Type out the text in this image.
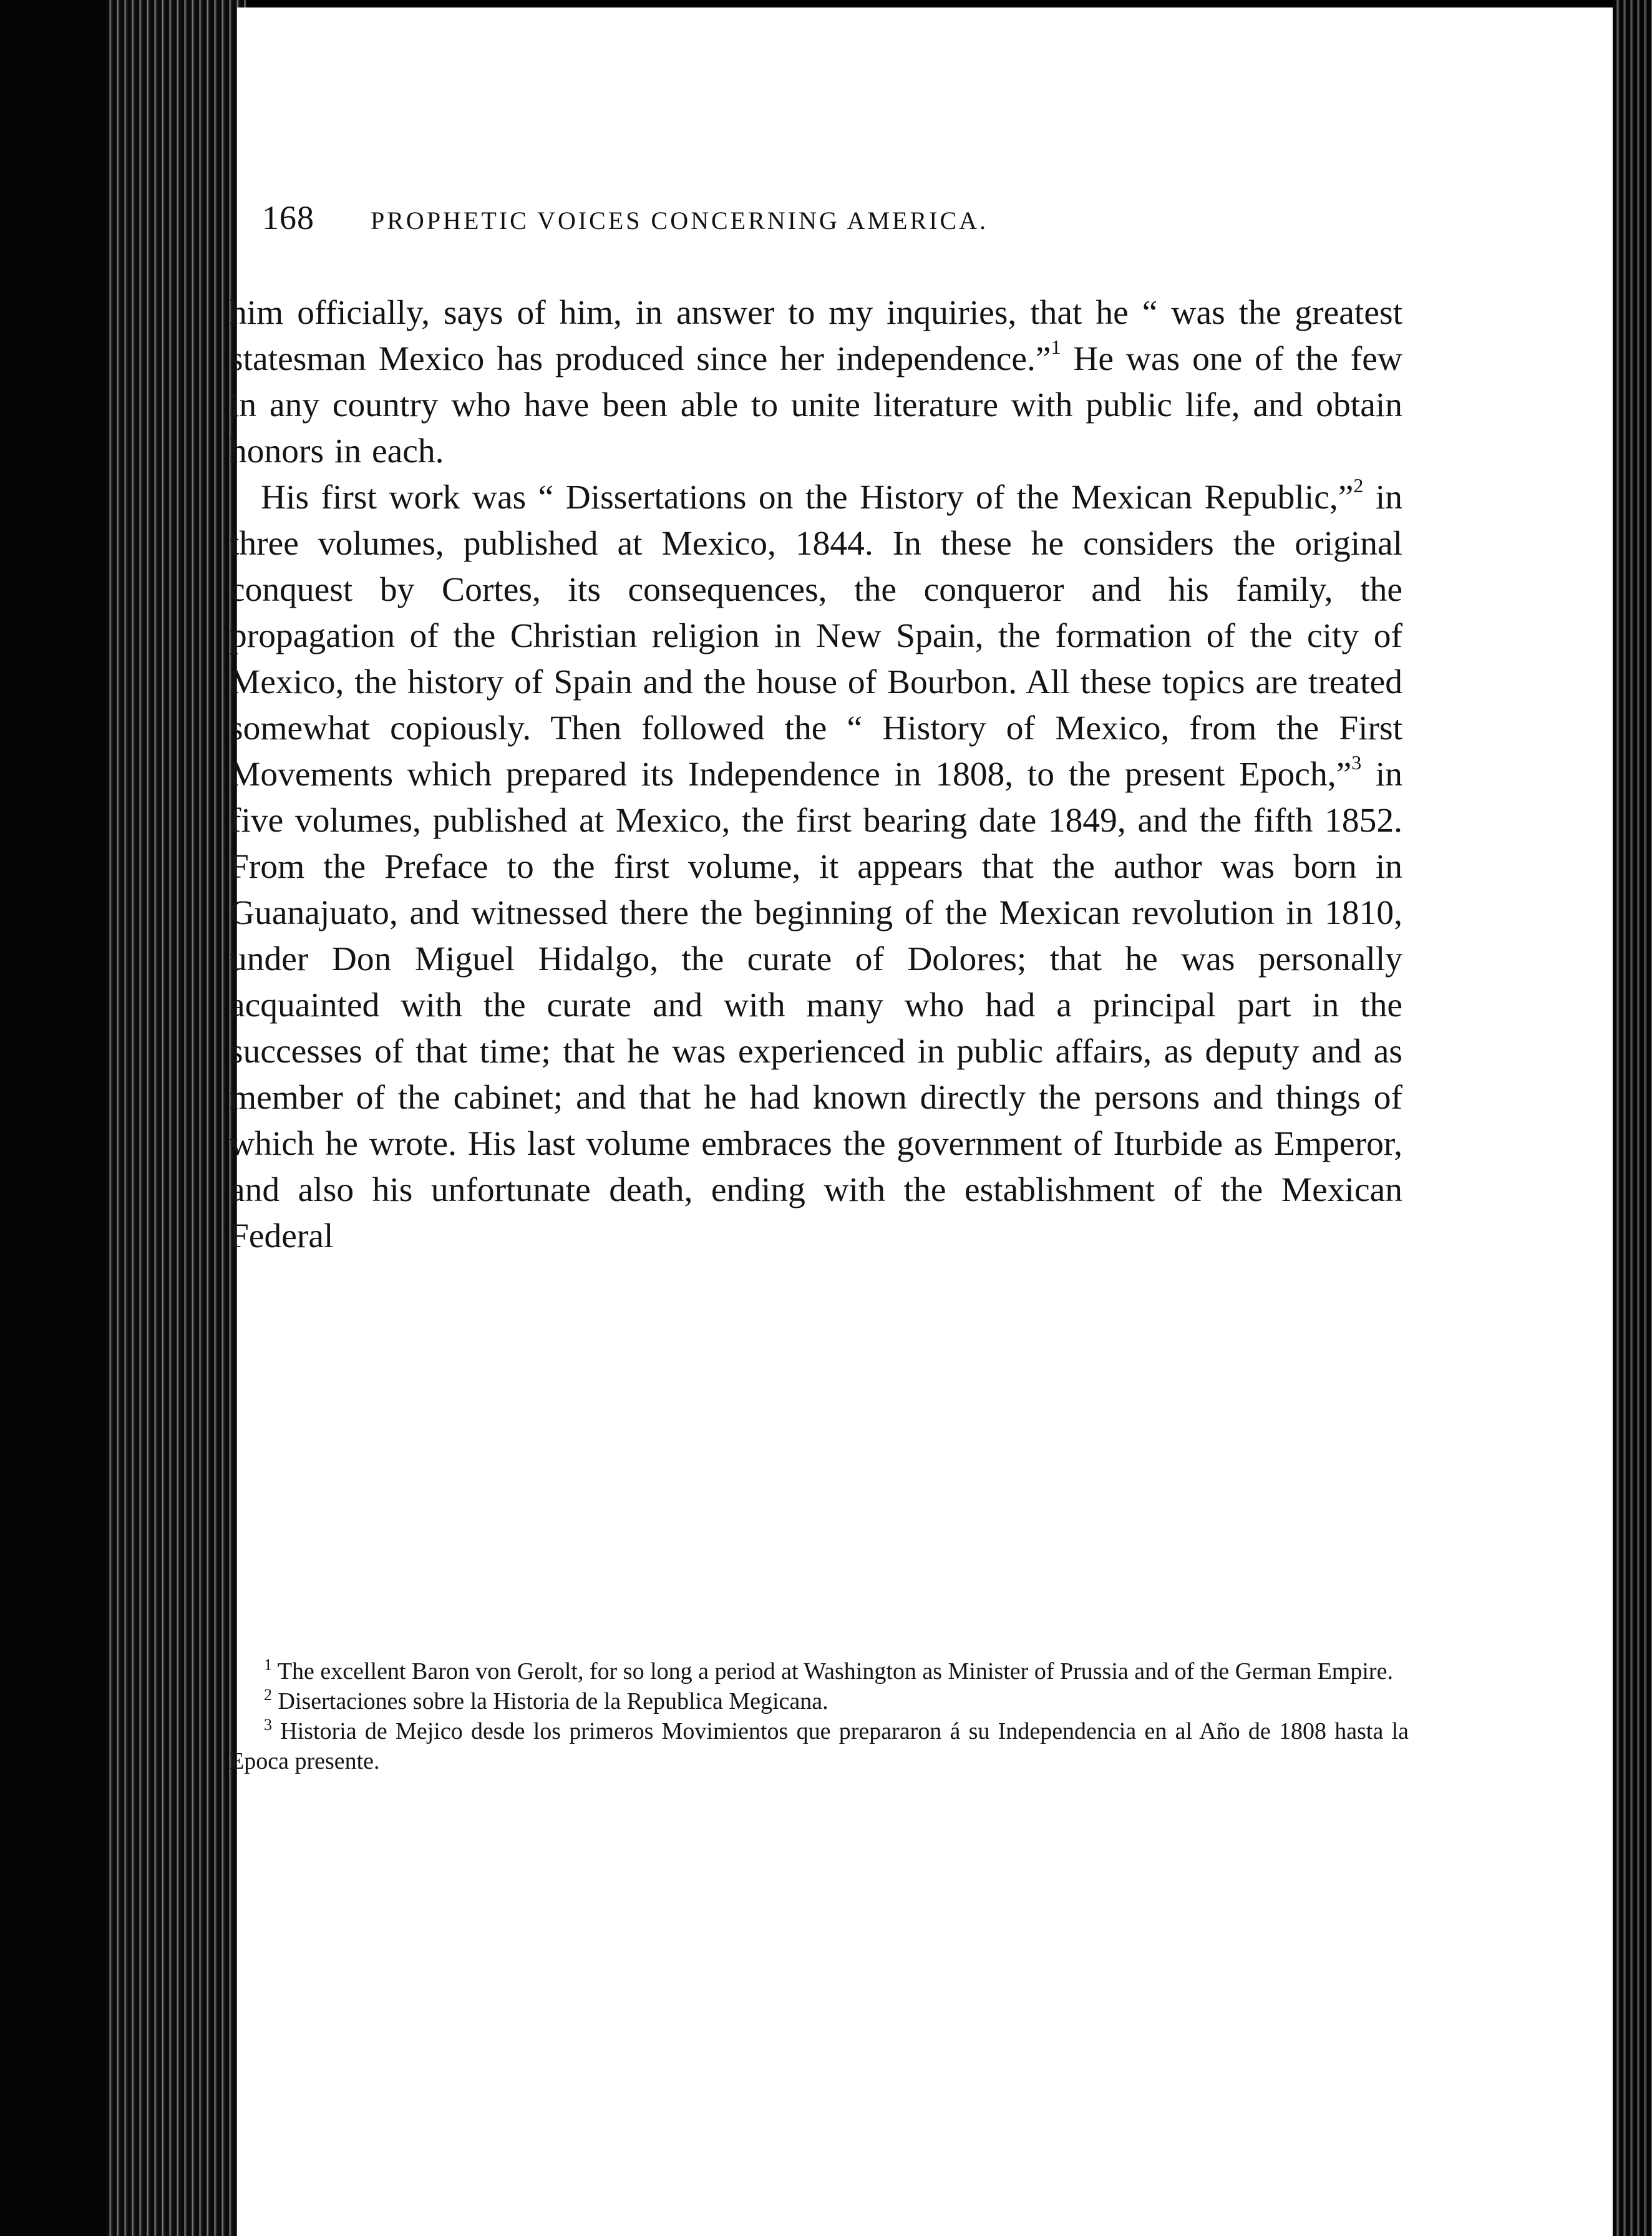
168 PROPHETIC VOICES CONCERNING AMERICA.

him officially, says of him, in answer to my inquiries, that he “ was the greatest statesman Mexico has produced since her independence.”$^1$ He was one of the few in any country who have been able to unite literature with public life, and obtain honors in each.

His first work was “ Dissertations on the History of the Mexican Republic,”$^2$ in three volumes, published at Mexico, 1844. In these he considers the original conquest by Cortes, its consequences, the conqueror and his family, the propagation of the Christian religion in New Spain, the formation of the city of Mexico, the history of Spain and the house of Bourbon. All these topics are treated somewhat copiously. Then followed the “ History of Mexico, from the First Movements which prepared its Independence in 1808, to the present Epoch,”$^3$ in five volumes, published at Mexico, the first bearing date 1849, and the fifth 1852. From the Preface to the first volume, it appears that the author was born in Guanajuato, and witnessed there the beginning of the Mexican revolution in 1810, under Don Miguel Hidalgo, the curate of Dolores; that he was personally acquainted with the curate and with many who had a principal part in the successes of that time; that he was experienced in public affairs, as deputy and as member of the cabinet; and that he had known directly the persons and things of which he wrote. His last volume embraces the government of Iturbide as Emperor, and also his unfortunate death, ending with the establishment of the Mexican Federal

$^1$ The excellent Baron von Gerolt, for so long a period at Washington as Minister of Prussia and of the German Empire.

$^2$ Disertaciones sobre la Historia de la Republica Megicana.

$^3$ Historia de Mejico desde los primeros Movimientos que prepararon á su Independencia en al Año de 1808 hasta la Epoca presente.
